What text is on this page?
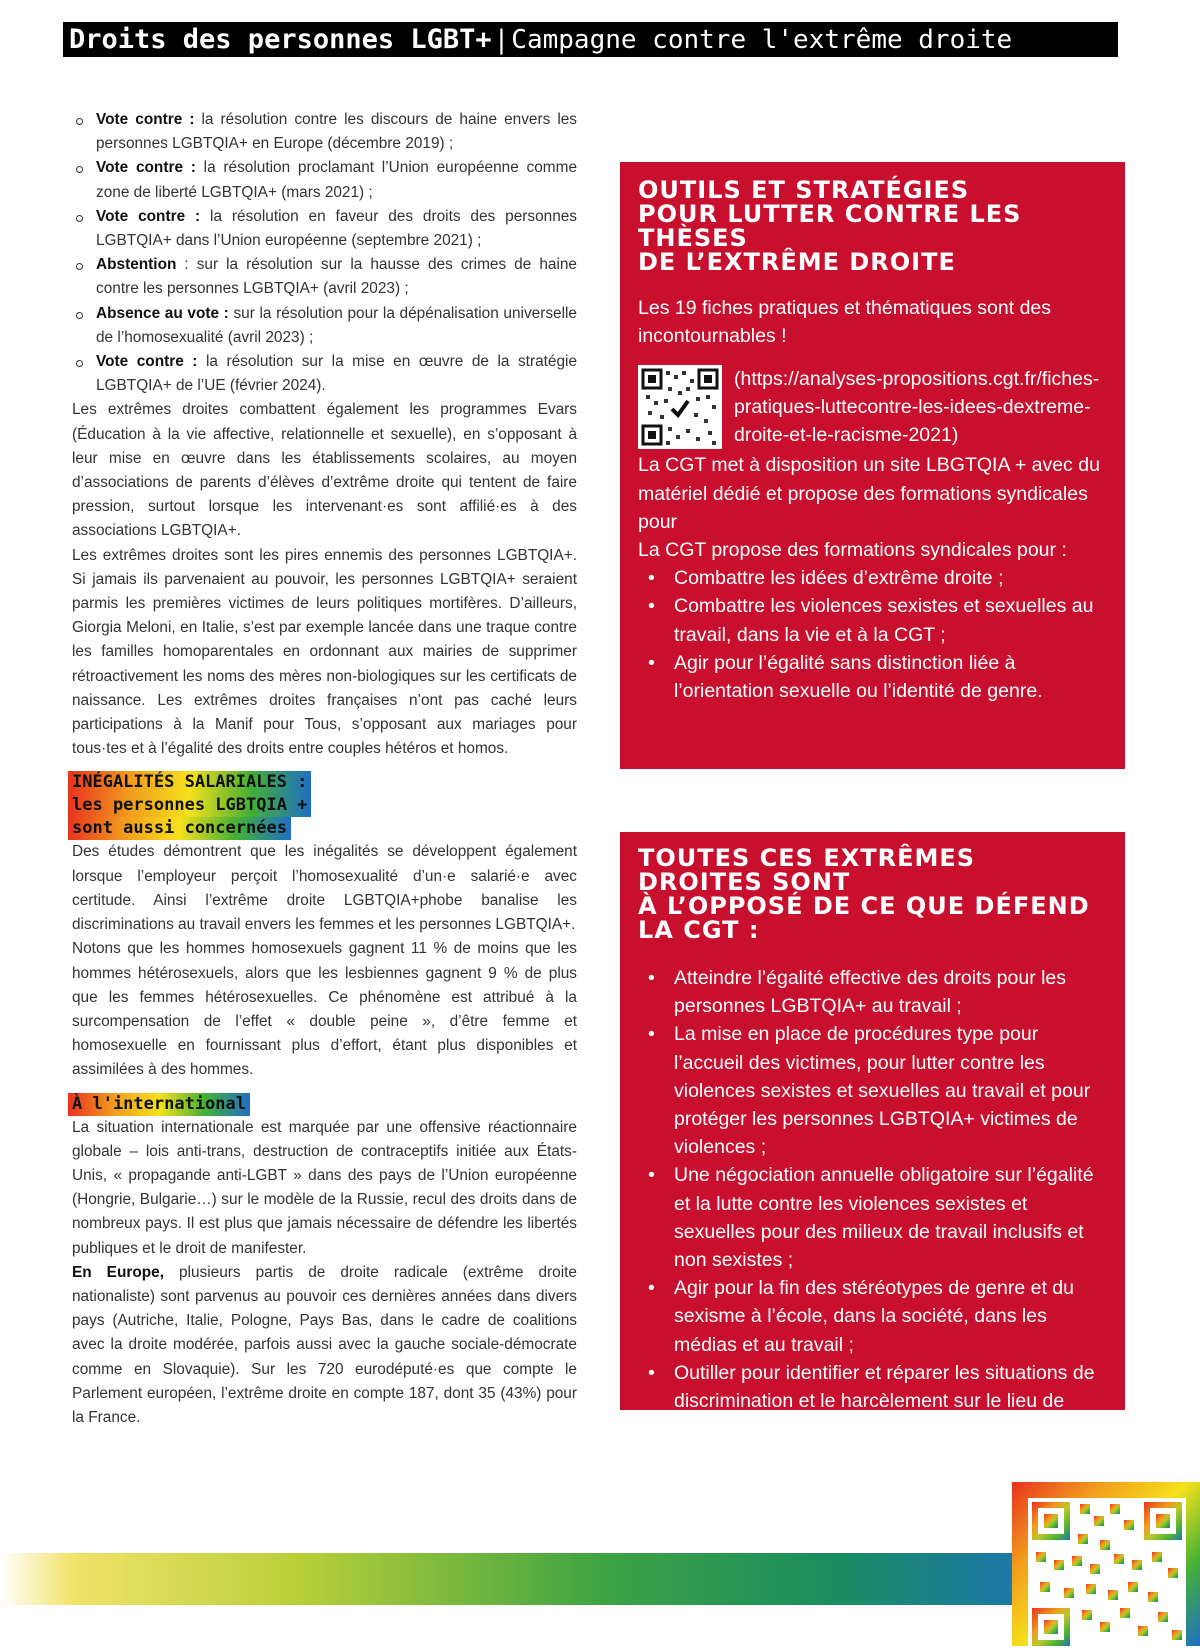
Droits des personnes LGBT+ | Campagne contre l'extrême droite
Vote contre : la résolution contre les discours de haine envers les personnes LGBTQIA+ en Europe (décembre 2019) ;
Vote contre : la résolution proclamant l’Union européenne comme zone de liberté LGBTQIA+ (mars 2021) ;
Vote contre : la résolution en faveur des droits des personnes LGBTQIA+ dans l’Union européenne (septembre 2021) ;
Abstention : sur la résolution sur la hausse des crimes de haine contre les personnes LGBTQIA+ (avril 2023) ;
Absence au vote : sur la résolution pour la dépénalisation universelle de l’homosexualité (avril 2023) ;
Vote contre : la résolution sur la mise en œuvre de la stratégie LGBTQIA+ de l’UE (février 2024).

Les extrêmes droites combattent également les programmes Evars (Éducation à la vie affective, relationnelle et sexuelle), en s’opposant à leur mise en œuvre dans les établissements scolaires, au moyen d’associations de parents d’élèves d’extrême droite qui tentent de faire pression, surtout lorsque les intervenant·es sont affilié·es à des associations LGBTQIA+.

Les extrêmes droites sont les pires ennemis des personnes LGBTQIA+. Si jamais ils parvenaient au pouvoir, les personnes LGBTQIA+ seraient parmis les premières victimes de leurs politiques mortifères. D’ailleurs, Giorgia Meloni, en Italie, s’est par exemple lancée dans une traque contre les familles homoparentales en ordonnant aux mairies de supprimer rétroactivement les noms des mères non-biologiques sur les certificats de naissance. Les extrêmes droites françaises n’ont pas caché leurs participations à la Manif pour Tous, s’opposant aux mariages pour tous·tes et à l’égalité des droits entre couples hétéros et homos.

INÉGALITÉS SALARIALES :
les personnes LGBTQIA +
sont aussi concernées

Des études démontrent que les inégalités se développent également lorsque l’employeur perçoit l’homosexualité d’un·e salarié·e avec certitude. Ainsi l’extrême droite LGBTQIA+phobe banalise les discriminations au travail envers les femmes et les personnes LGBTQIA+.

Notons que les hommes homosexuels gagnent 11 % de moins que les hommes hétérosexuels, alors que les lesbiennes gagnent 9 % de plus que les femmes hétérosexuelles. Ce phénomène est attribué à la surcompensation de l’effet « double peine », d’être femme et homosexuelle en fournissant plus d’effort, étant plus disponibles et assimilées à des hommes.

À l'international

La situation internationale est marquée par une offensive réactionnaire globale – lois anti-trans, destruction de contraceptifs initiée aux États-Unis, « propagande anti-LGBT » dans des pays de l’Union européenne (Hongrie, Bulgarie…) sur le modèle de la Russie, recul des droits dans de nombreux pays. Il est plus que jamais nécessaire de défendre les libertés publiques et le droit de manifester.

En Europe, plusieurs partis de droite radicale (extrême droite nationaliste) sont parvenus au pouvoir ces dernières années dans divers pays (Autriche, Italie, Pologne, Pays Bas, dans le cadre de coalitions avec la droite modérée, parfois aussi avec la gauche sociale-démocrate comme en Slovaquie). Sur les 720 eurodéputé·es que compte le Parlement européen, l’extrême droite en compte 187, dont 35 (43%) pour la France.

OUTILS ET STRATÉGIES
POUR LUTTER CONTRE LES THÈSES
DE L’EXTRÊME DROITE

Les 19 fiches pratiques et thématiques sont des incontournables !

(https://analyses-propositions.cgt.fr/fiches-pratiques-luttecontre-les-idees-dextreme-droite-et-le-racisme-2021)

La CGT met à disposition un site LBGTQIA + avec du matériel dédié et propose des formations syndicales pour

La CGT propose des formations syndicales pour :

• Combattre les idées d’extrême droite ;
• Combattre les violences sexistes et sexuelles au travail, dans la vie et à la CGT ;
• Agir pour l’égalité sans distinction liée à l’orientation sexuelle ou l’identité de genre.
TOUTES CES EXTRÊMES DROITES SONT
À L’OPPOSÉ DE CE QUE DÉFEND LA CGT :
• Atteindre l’égalité effective des droits pour les personnes LGBTQIA+ au travail ;
• La mise en place de procédures type pour l’accueil des victimes, pour lutter contre les violences sexistes et sexuelles au travail et pour protéger les personnes LGBTQIA+ victimes de violences ;
• Une négociation annuelle obligatoire sur l’égalité et la lutte contre les violences sexistes et sexuelles pour des milieux de travail inclusifs et non sexistes ;
• Agir pour la fin des stéréotypes de genre et du sexisme à l’école, dans la société, dans les médias et au travail ;
• Outiller pour identifier et réparer les situations de discrimination et le harcèlement sur le lieu de travail.
